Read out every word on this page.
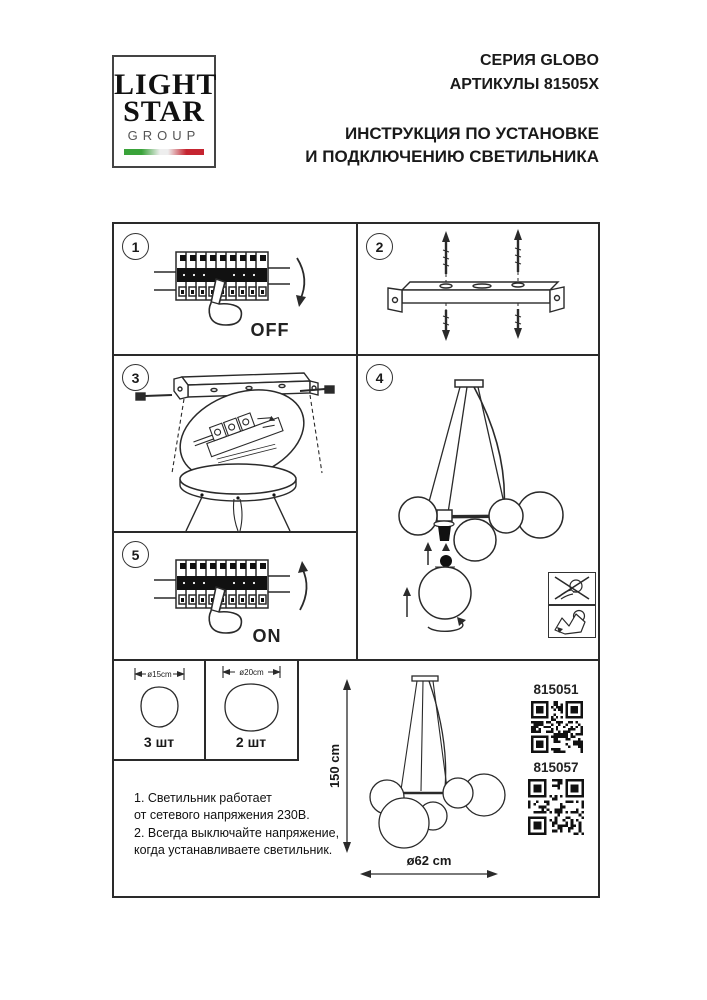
LIGHT
STAR
GROUP
СЕРИЯ GLOBO
АРТИКУЛЫ 81505X
ИНСТРУКЦИЯ ПО УСТАНОВКЕ
И ПОДКЛЮЧЕНИЮ СВЕТИЛЬНИКА
1	2
3	4
5
OFF
ON
ø15cm
3 шт
ø20cm
2 шт
1. Светильник работает
от сетевого напряжения 230В.
2. Всегда выключайте напряжение,
когда устанавливаете светильник.
150 cm
ø62 cm
815051
815057
